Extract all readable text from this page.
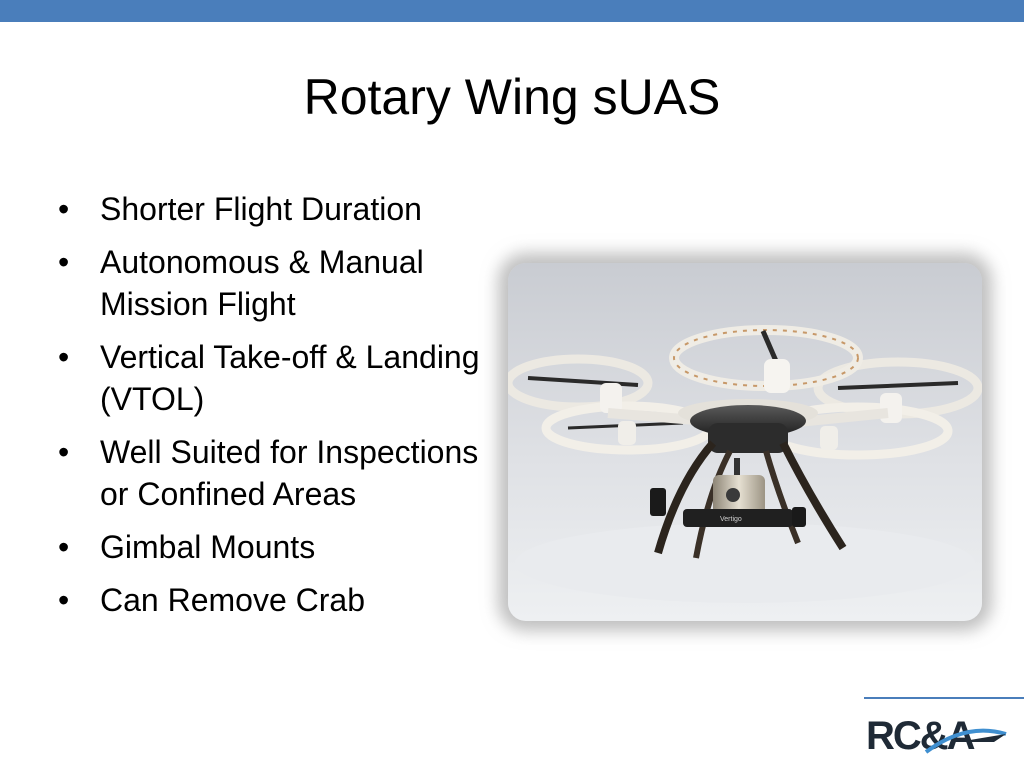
Rotary Wing sUAS
• Shorter Flight Duration
• Autonomous & Manual Mission Flight
• Vertical Take-off & Landing (VTOL)
• Well Suited for Inspections or Confined Areas
• Gimbal Mounts
• Can Remove Crab
Vertigo
RC&A
